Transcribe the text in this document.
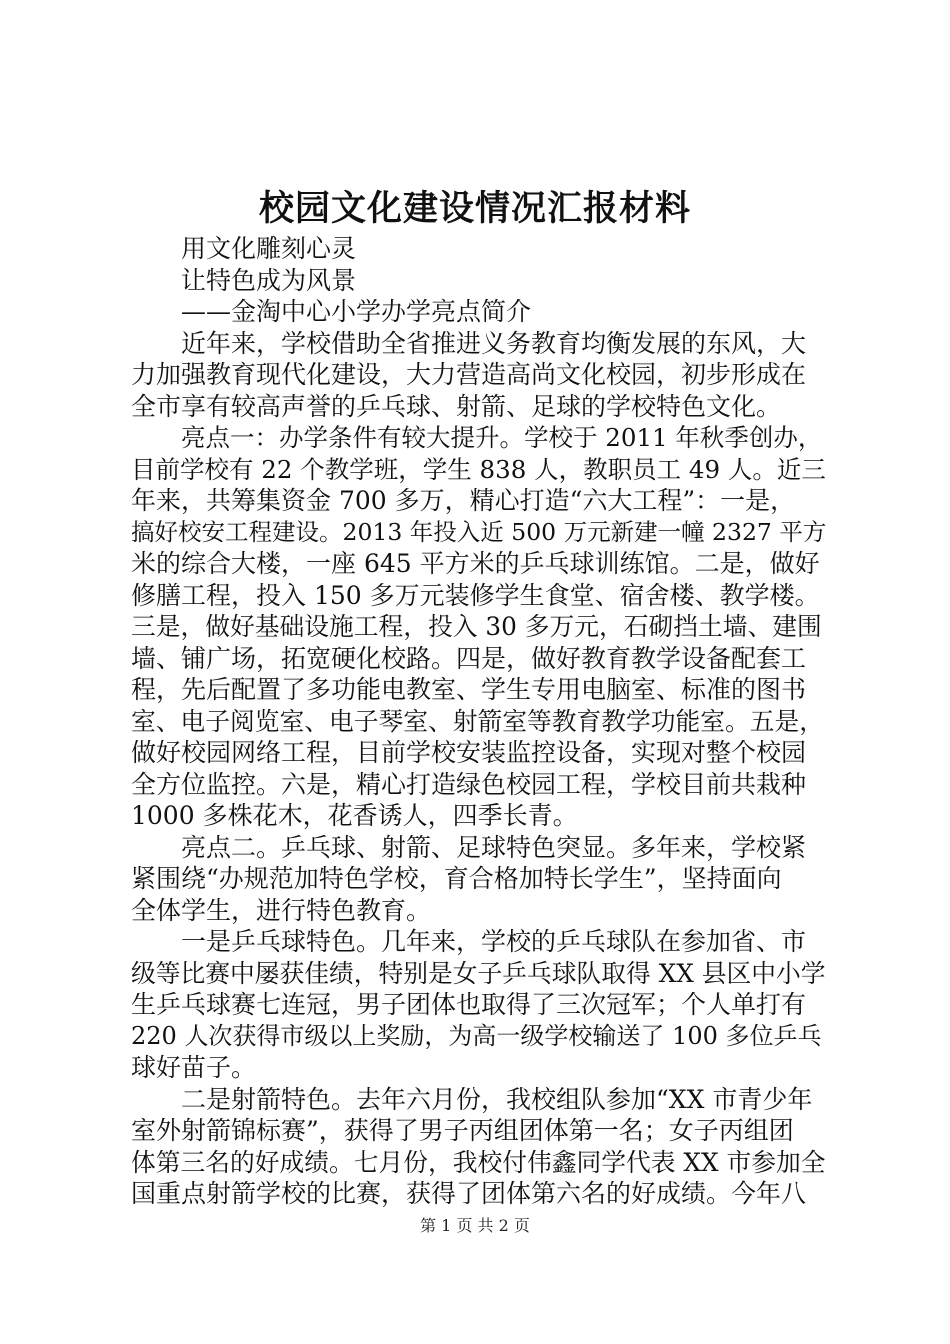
校园文化建设情况汇报材料
用文化雕刻心灵
让特色成为风景
——金淘中心小学办学亮点简介
近年来，学校借助全省推进义务教育均衡发展的东风，大
力加强教育现代化建设，大力营造高尚文化校园，初步形成在
全市享有较高声誉的乒乓球、射箭、足球的学校特色文化。
亮点一：办学条件有较大提升。学校于 2011 年秋季创办，
目前学校有 22 个教学班，学生 838 人，教职员工 49 人。近三
年来，共筹集资金 700 多万，精心打造“六大工程”：一是，
搞好校安工程建设。2013 年投入近 500 万元新建一幢 2327 平方
米的综合大楼，一座 645 平方米的乒乓球训练馆。二是，做好
修膳工程，投入 150 多万元装修学生食堂、宿舍楼、教学楼。
三是，做好基础设施工程，投入 30 多万元，石砌挡土墙、建围
墙、铺广场，拓宽硬化校路。四是，做好教育教学设备配套工
程，先后配置了多功能电教室、学生专用电脑室、标准的图书
室、电子阅览室、电子琴室、射箭室等教育教学功能室。五是，
做好校园网络工程，目前学校安装监控设备，实现对整个校园
全方位监控。六是，精心打造绿色校园工程，学校目前共栽种
1000 多株花木，花香诱人，四季长青。
亮点二。乒乓球、射箭、足球特色突显。多年来，学校紧
紧围绕“办规范加特色学校，育合格加特长学生”，坚持面向
全体学生，进行特色教育。
一是乒乓球特色。几年来，学校的乒乓球队在参加省、市
级等比赛中屡获佳绩，特别是女子乒乓球队取得 XX 县区中小学
生乒乓球赛七连冠，男子团体也取得了三次冠军；个人单打有
220 人次获得市级以上奖励，为高一级学校输送了 100 多位乒乓
球好苗子。
二是射箭特色。去年六月份，我校组队参加“XX 市青少年
室外射箭锦标赛”，获得了男子丙组团体第一名；女子丙组团
体第三名的好成绩。七月份，我校付伟鑫同学代表 XX 市参加全
国重点射箭学校的比赛，获得了团体第六名的好成绩。今年八
第 1 页 共 2 页
